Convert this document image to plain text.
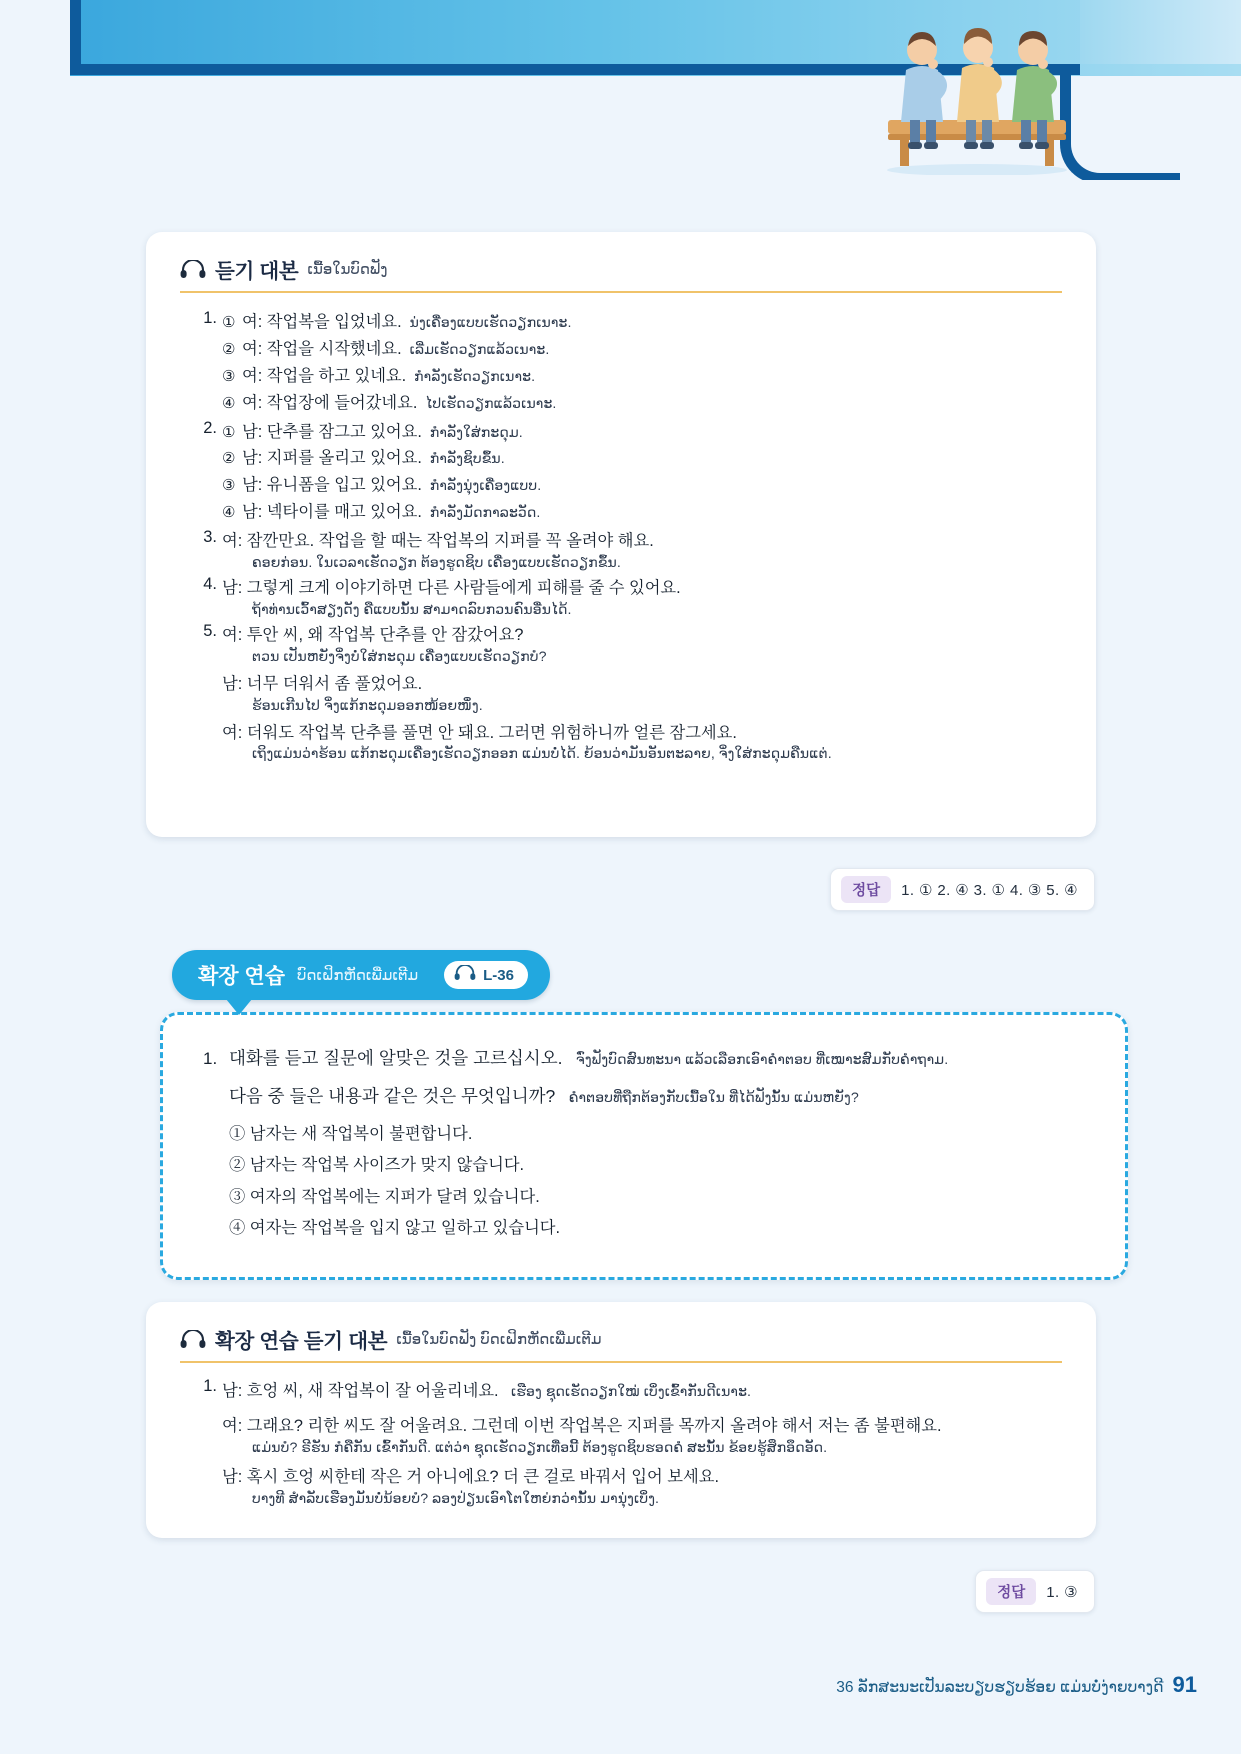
듣기 대본 ເນື້ອໃນບົດຟັງ
1. ① 여: 작업복을 입었네요. ນ່ງເຄື່ອງແບບເຮັດວຽກເນາະ.
② 여: 작업을 시작했네요. ເລີ່ມເຮັດວຽກແລ້ວເນາະ.
③ 여: 작업을 하고 있네요. ກໍາລັງເຮັດວຽກເນາະ.
④ 여: 작업장에 들어갔네요. ໄປເຮັດວຽກແລ້ວເນາະ.
2. ① 남: 단추를 잠그고 있어요. ກໍາລັງໃສ່ກະດຸມ.
② 남: 지퍼를 올리고 있어요. ກໍາລັງຊິບຂຶ້ນ.
③ 남: 유니폼을 입고 있어요. ກໍາລັງນຸ່ງເຄື່ອງແບບ.
④ 남: 넥타이를 매고 있어요. ກໍາລັງມັດກາລະວັດ.
3. 여: 잠깐만요. 작업을 할 때는 작업복의 지퍼를 꼭 올려야 해요.
ຄອຍກ່ອນ. ໃນເວລາເຮັດວຽກ ຕ້ອງຮູດຊິບ ເຄື່ອງແບບເຮັດວຽກຂຶ້ນ.
4. 남: 그렇게 크게 이야기하면 다른 사람들에게 피해를 줄 수 있어요.
ຖ້າທ່ານເວົ້າສຽງດັງ ຄືແບບນັ້ນ ສາມາດລົບກວນຄົນອື່ນໄດ້.
5. 여: 투안 씨, 왜 작업복 단추를 안 잠갔어요?
ຕວນ ເປັນຫຍັງຈິ່ງບໍ່ໃສ່ກະດຸມ ເຄື່ອງແບບເຮັດວຽກບໍ?
남: 너무 더워서 좀 풀었어요.
ຮ້ອນເກີນໄປ ຈິ່ງແກ້ກະດຸມອອກໜ້ອຍໜຶ່ງ.
여: 더워도 작업복 단추를 풀면 안 돼요. 그러면 위험하니까 얼른 잠그세요.
ເຖິງແມ່ນວ່າຮ້ອນ ແກ້ກະດຸມເຄື່ອງເຮັດວຽກອອກ ແມ່ນບໍ່ໄດ້. ຍ້ອນວ່າມັນອັນຕະລາຍ, ຈິ່ງໃສ່ກະດຸມຄືນແຕ່.
정답	1. ① 2. ④ 3. ① 4. ③ 5. ④
확장 연습 ບົດເຝິກຫັດເພີ່ມເຕີມ	L-36
1. 대화를 듣고 질문에 알맞은 것을 고르십시오. ຈົ່ງຟັງບົດສົນທະນາ ແລ້ວເລືອກເອົາຄໍາຕອບ ທີ່ເໝາະສົມກັບຄໍາຖາມ.
다음 중 들은 내용과 같은 것은 무엇입니까? ຄໍາຕອບທີ່ຖືກຕ້ອງກັບເນື້ອໃນ ທີ່ໄດ້ຟັງນັ້ນ ແມ່ນຫຍັງ?
① 남자는 새 작업복이 불편합니다.
② 남자는 작업복 사이즈가 맞지 않습니다.
③ 여자의 작업복에는 지퍼가 달려 있습니다.
④ 여자는 작업복을 입지 않고 일하고 있습니다.
확장 연습 듣기 대본 ເນື້ອໃນບົດຟັງ ບົດເຝິກຫັດເພີ່ມເຕີມ
1. 남: 흐엉 씨, 새 작업복이 잘 어울리네요. ເຮືອງ ຊຸດເຮັດວຽກໃໝ່ ເບິ່ງເຂົ້າກັນດີເນາະ.
여: 그래요? 리한 씨도 잘 어울려요. 그런데 이번 작업복은 지퍼를 목까지 올려야 해서 저는 좀 불편해요.
ແມ່ນບໍ? ຣີຮັນ ກໍຄືກັນ ເຂົ້າກັນດີ. ແຕ່ວ່າ ຊຸດເຮັດວຽກເທື່ອນີ້ ຕ້ອງຮູດຊິບຮອດຄໍ ສະນັ້ນ ຂ້ອຍຮູ້ສຶກອຶດອັດ.
남: 혹시 흐엉 씨한테 작은 거 아니에요? 더 큰 걸로 바꿔서 입어 보세요.
ບາງທີ ສໍາລັບເຮືອງມັນບໍ່ນ້ອຍບໍ? ລອງປ່ຽນເອົາໂຕໃຫຍ່ກວ່ານັ້ນ ມານຸ່ງເບິ່ງ.
정답	1. ③
36 ລັກສະນະເປັນລະບຽບຮຽບຮ້ອຍ ແມ່ນບໍ່ງ່າຍບາງດີ 91
